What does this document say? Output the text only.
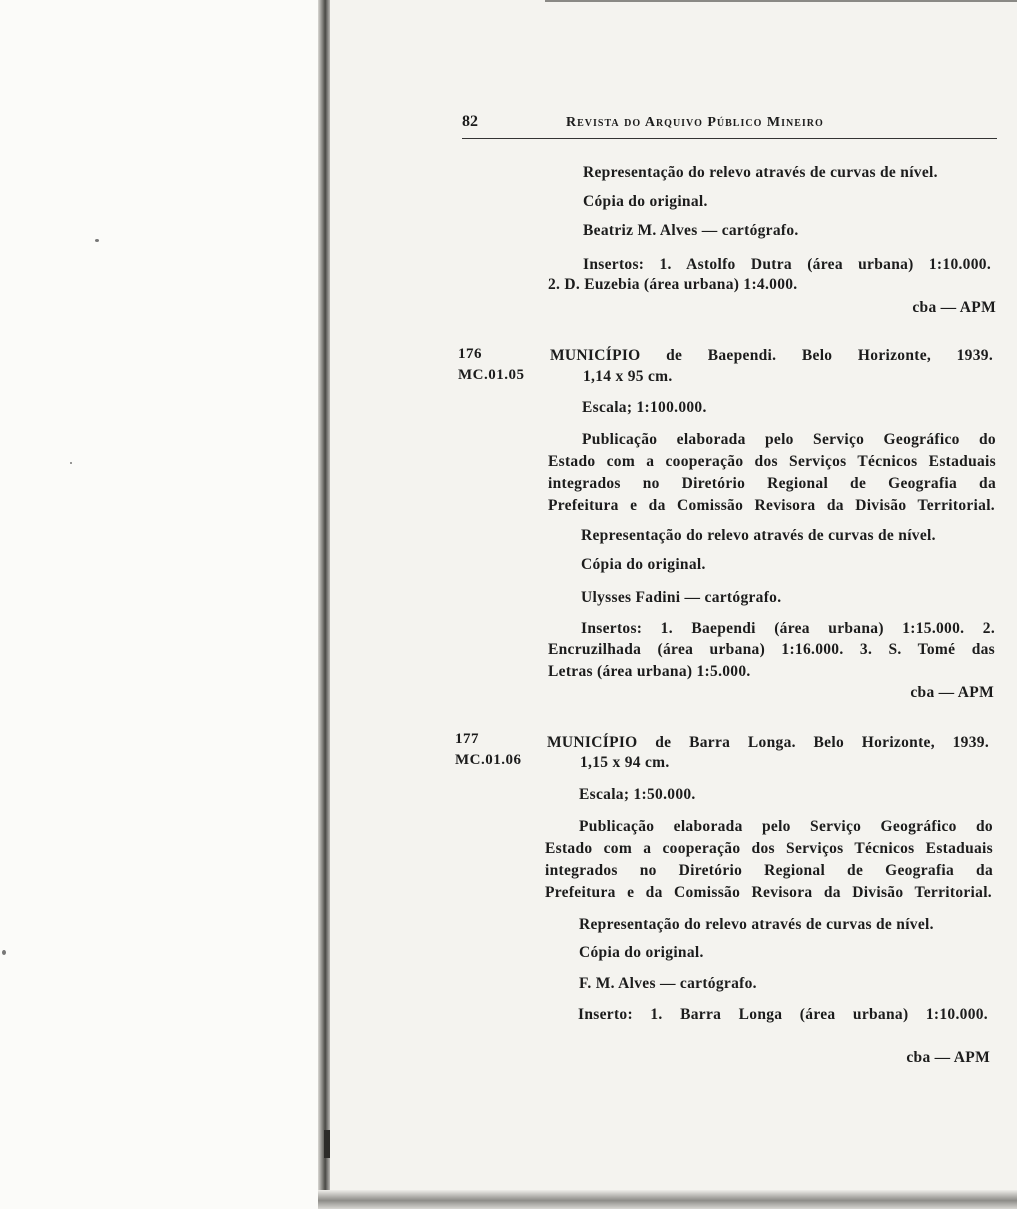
82	Revista do Arquivo Público Mineiro
Representação do relevo através de curvas de nível.
Cópia do original.
Beatriz M. Alves — cartógrafo.
Insertos: 1. Astolfo Dutra (área urbana) 1:10.000.
2. D. Euzebia (área urbana) 1:4.000.
cba — APM
176
MC.01.05
MUNICÍPIO de Baependi. Belo Horizonte, 1939.
1,14 x 95 cm.
Escala; 1:100.000.
Publicação elaborada pelo Serviço Geográfico do
Estado com a cooperação dos Serviços Técnicos Estaduais
integrados no Diretório Regional de Geografia da
Prefeitura e da Comissão Revisora da Divisão Territorial.
Representação do relevo através de curvas de nível.
Cópia do original.
Ulysses Fadini — cartógrafo.
Insertos: 1. Baependi (área urbana) 1:15.000. 2.
Encruzilhada (área urbana) 1:16.000. 3. S. Tomé das
Letras (área urbana) 1:5.000.
cba — APM
177
MC.01.06
MUNICÍPIO de Barra Longa. Belo Horizonte, 1939.
1,15 x 94 cm.
Escala; 1:50.000.
Publicação elaborada pelo Serviço Geográfico do
Estado com a cooperação dos Serviços Técnicos Estaduais
integrados no Diretório Regional de Geografia da
Prefeitura e da Comissão Revisora da Divisão Territorial.
Representação do relevo através de curvas de nível.
Cópia do original.
F. M. Alves — cartógrafo.
Inserto: 1. Barra Longa (área urbana) 1:10.000.
cba — APM
